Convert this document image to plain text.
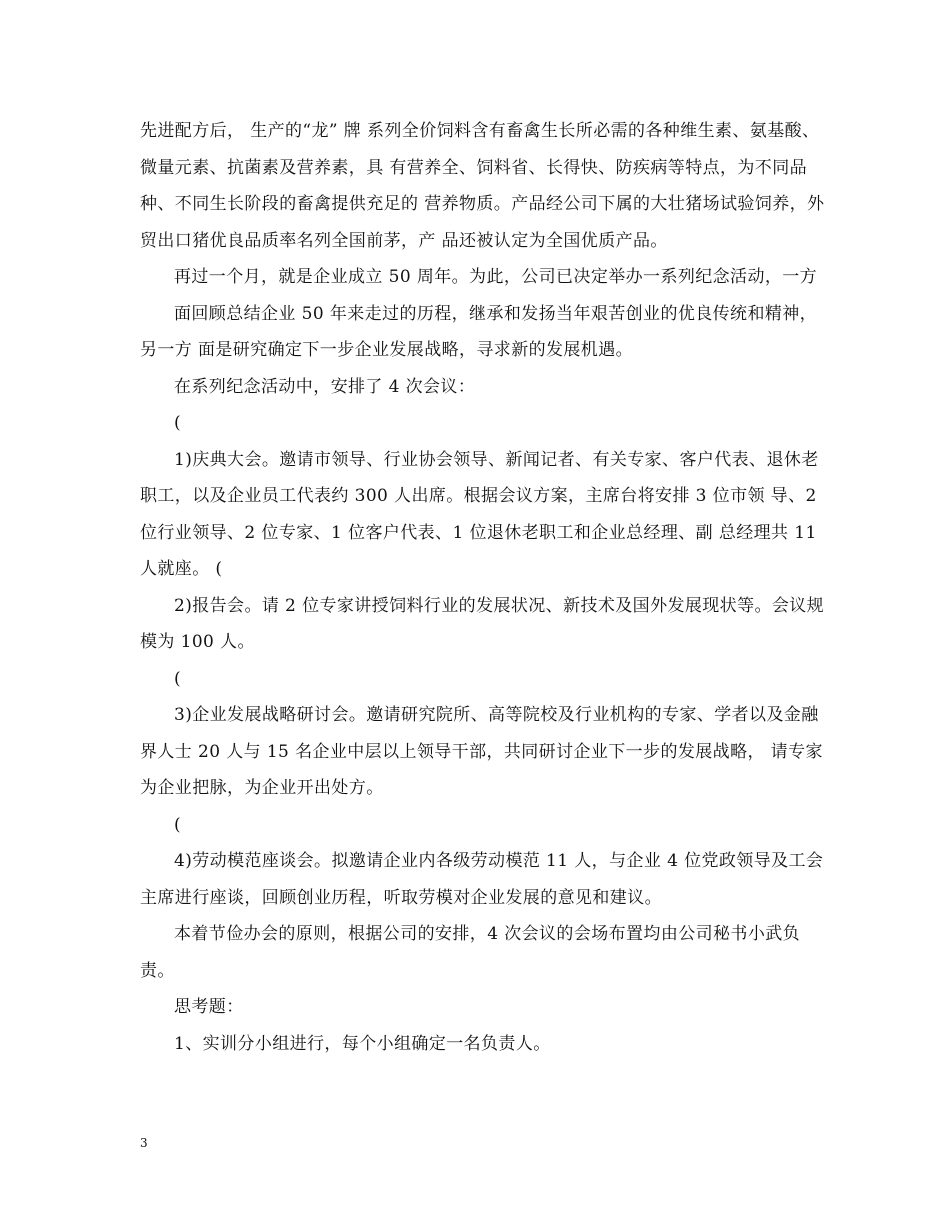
先进配方后， 生产的“龙” 牌 系列全价饲料含有畜禽生长所必需的各种维生素、氨基酸、微量元素、抗菌素及营养素，具 有营养全、饲料省、长得快、防疾病等特点，为不同品种、不同生长阶段的畜禽提供充足的 营养物质。产品经公司下属的大壮猪场试验饲养，外贸出口猪优良品质率名列全国前茅，产 品还被认定为全国优质产品。

再过一个月，就是企业成立 50 周年。为此，公司已决定举办一系列纪念活动，一方

面回顾总结企业 50 年来走过的历程，继承和发扬当年艰苦创业的优良传统和精神，另一方 面是研究确定下一步企业发展战略，寻求新的发展机遇。

在系列纪念活动中，安排了 4 次会议：

(

1)庆典大会。邀请市领导、行业协会领导、新闻记者、有关专家、客户代表、退休老 职工，以及企业员工代表约 300 人出席。根据会议方案，主席台将安排 3 位市领 导、2 位行业领导、2 位专家、1 位客户代表、1 位退休老职工和企业总经理、副 总经理共 11 人就座。 (

2)报告会。请 2 位专家讲授饲料行业的发展状况、新技术及国外发展现状等。会议规 模为 100 人。

(

3)企业发展战略研讨会。邀请研究院所、高等院校及行业机构的专家、学者以及金融 界人士 20 人与 15 名企业中层以上领导干部，共同研讨企业下一步的发展战略， 请专家为企业把脉，为企业开出处方。

(

4)劳动模范座谈会。拟邀请企业内各级劳动模范 11 人，与企业 4 位党政领导及工会 主席进行座谈，回顾创业历程，听取劳模对企业发展的意见和建议。

本着节俭办会的原则，根据公司的安排，4 次会议的会场布置均由公司秘书小武负责。

思考题：

1、实训分小组进行，每个小组确定一名负责人。

3
